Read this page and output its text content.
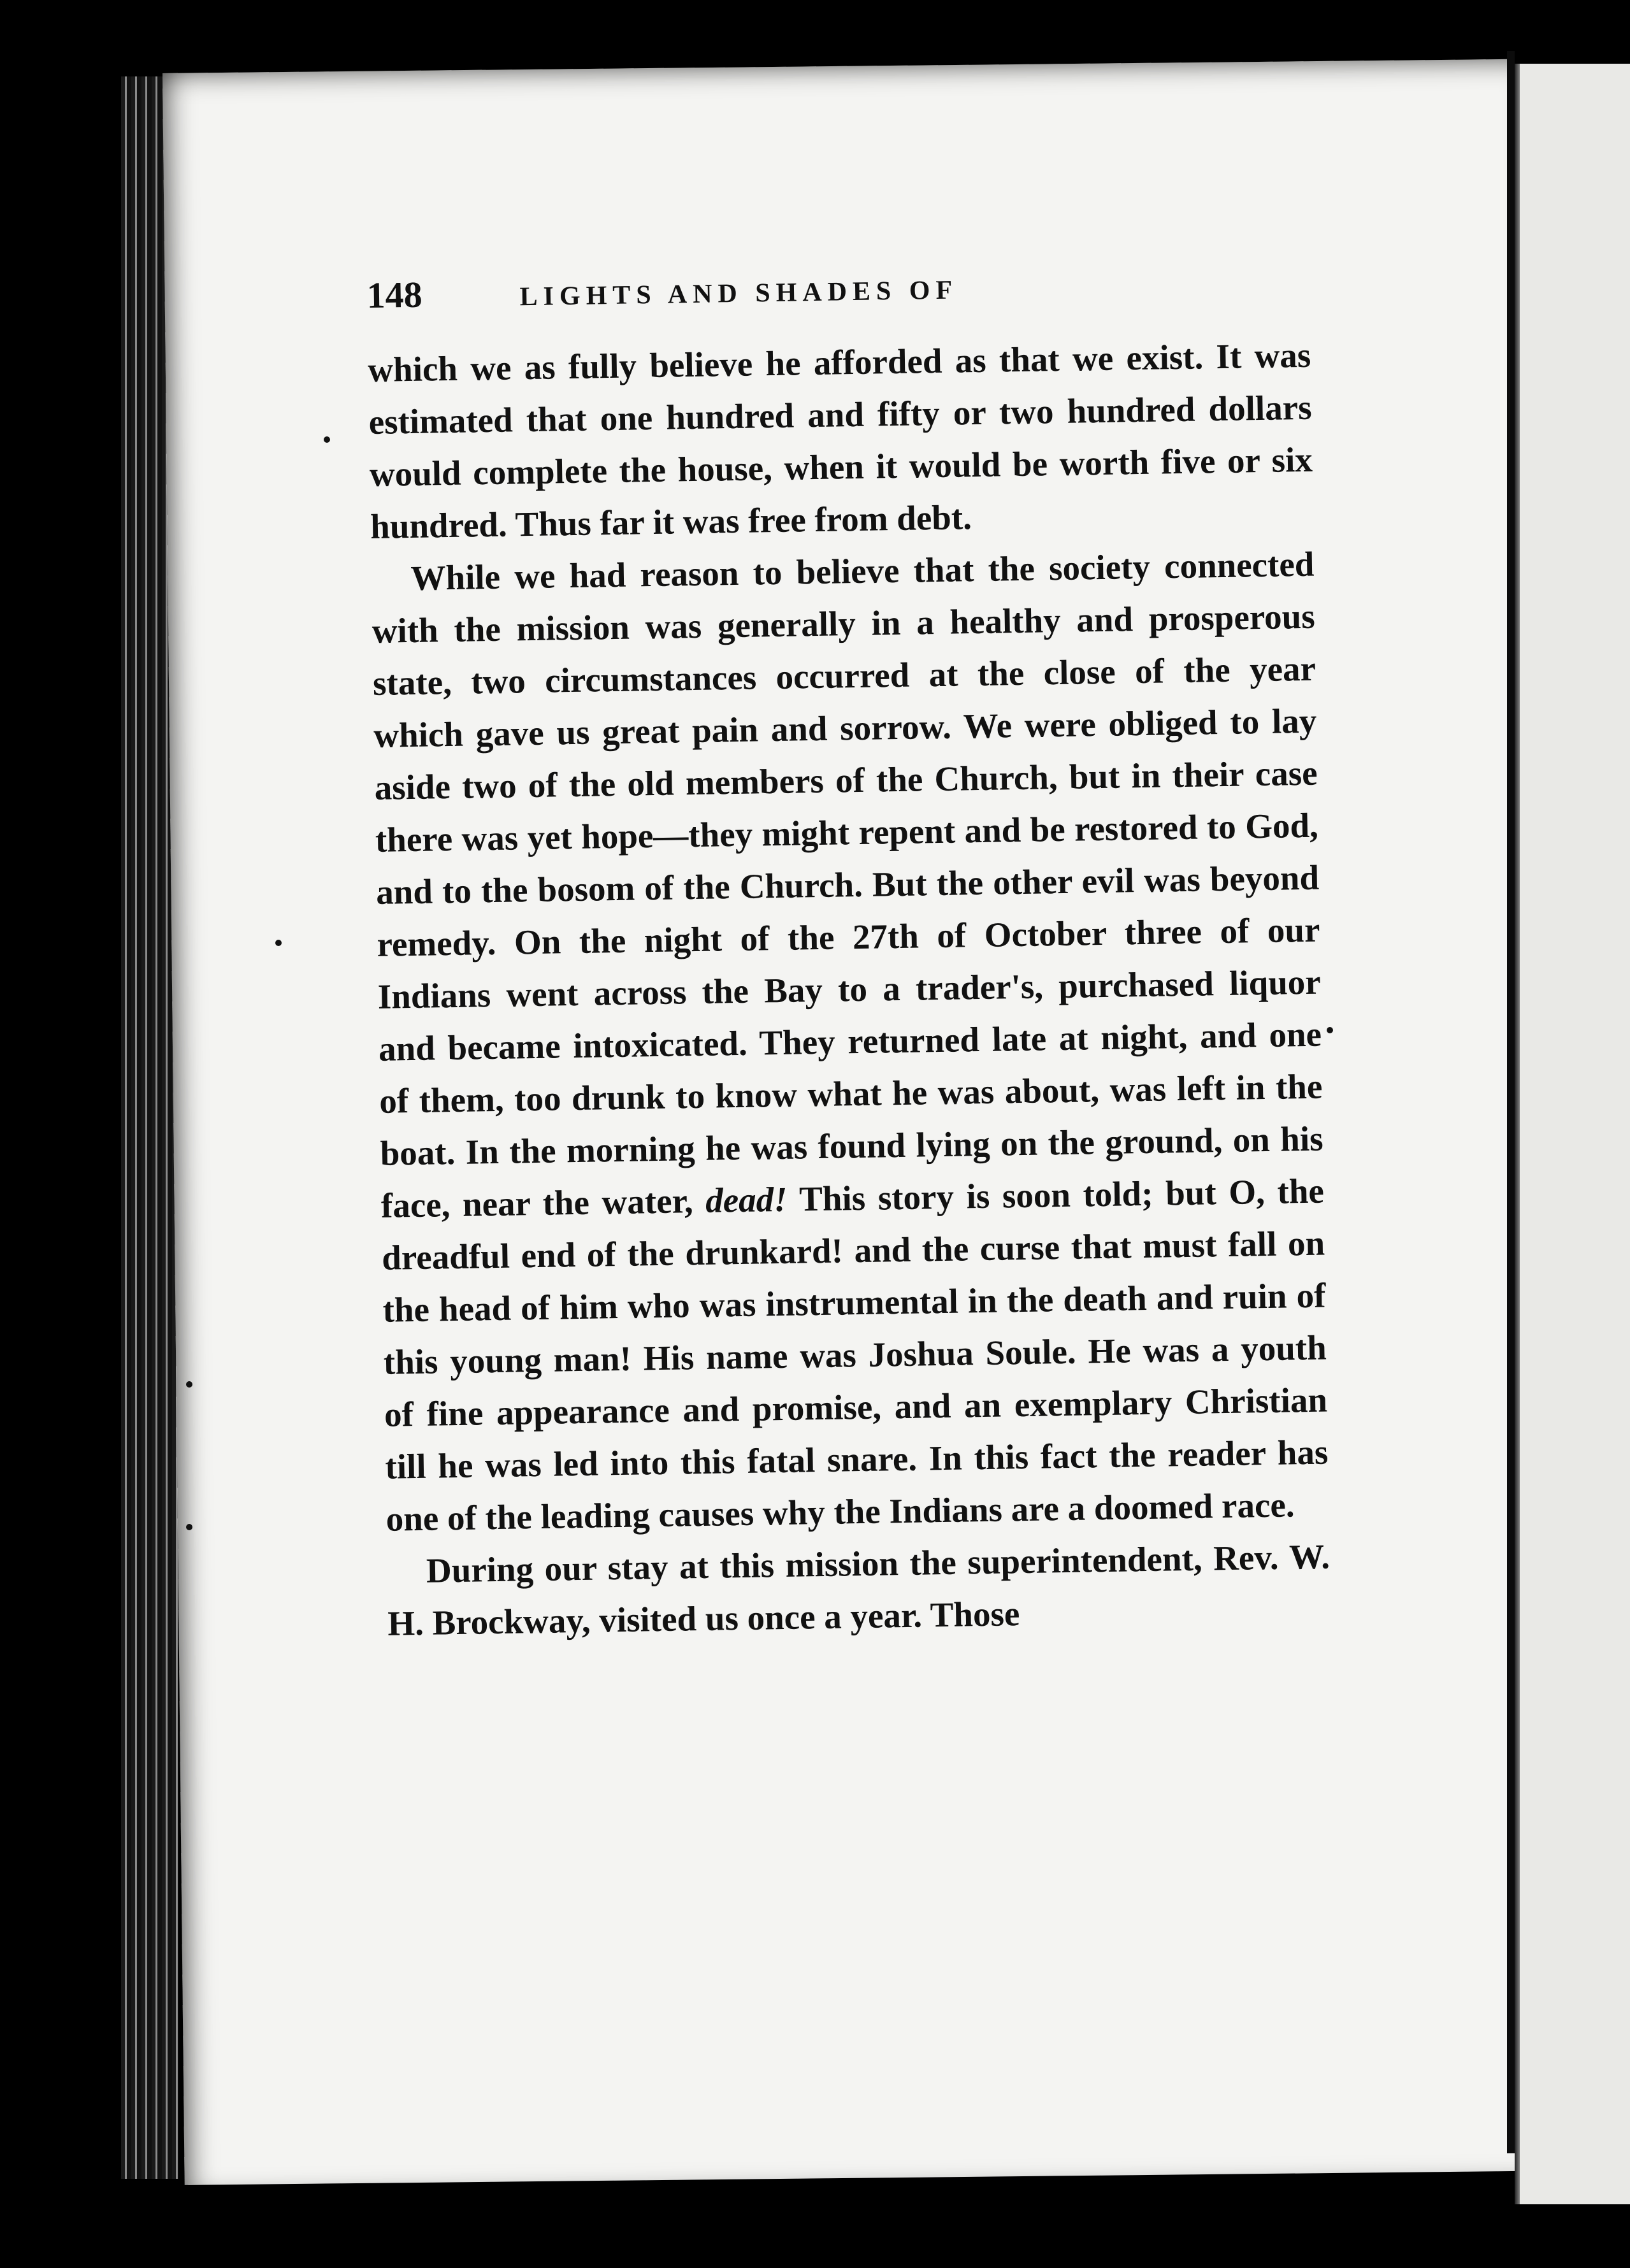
148	LIGHTS AND SHADES OF

which we as fully believe he afforded as that we exist. It was estimated that one hundred and fifty or two hundred dollars would complete the house, when it would be worth five or six hundred. Thus far it was free from debt.

While we had reason to believe that the society connected with the mission was generally in a healthy and prosperous state, two circumstances occurred at the close of the year which gave us great pain and sorrow. We were obliged to lay aside two of the old members of the Church, but in their case there was yet hope—they might repent and be restored to God, and to the bosom of the Church. But the other evil was beyond remedy. On the night of the 27th of October three of our Indians went across the Bay to a trader's, purchased liquor and became intoxicated. They returned late at night, and one of them, too drunk to know what he was about, was left in the boat. In the morning he was found lying on the ground, on his face, near the water, dead! This story is soon told; but O, the dreadful end of the drunkard! and the curse that must fall on the head of him who was instrumental in the death and ruin of this young man! His name was Joshua Soule. He was a youth of fine appearance and promise, and an exemplary Christian till he was led into this fatal snare. In this fact the reader has one of the leading causes why the Indians are a doomed race.

During our stay at this mission the superintendent, Rev. W. H. Brockway, visited us once a year. Those
